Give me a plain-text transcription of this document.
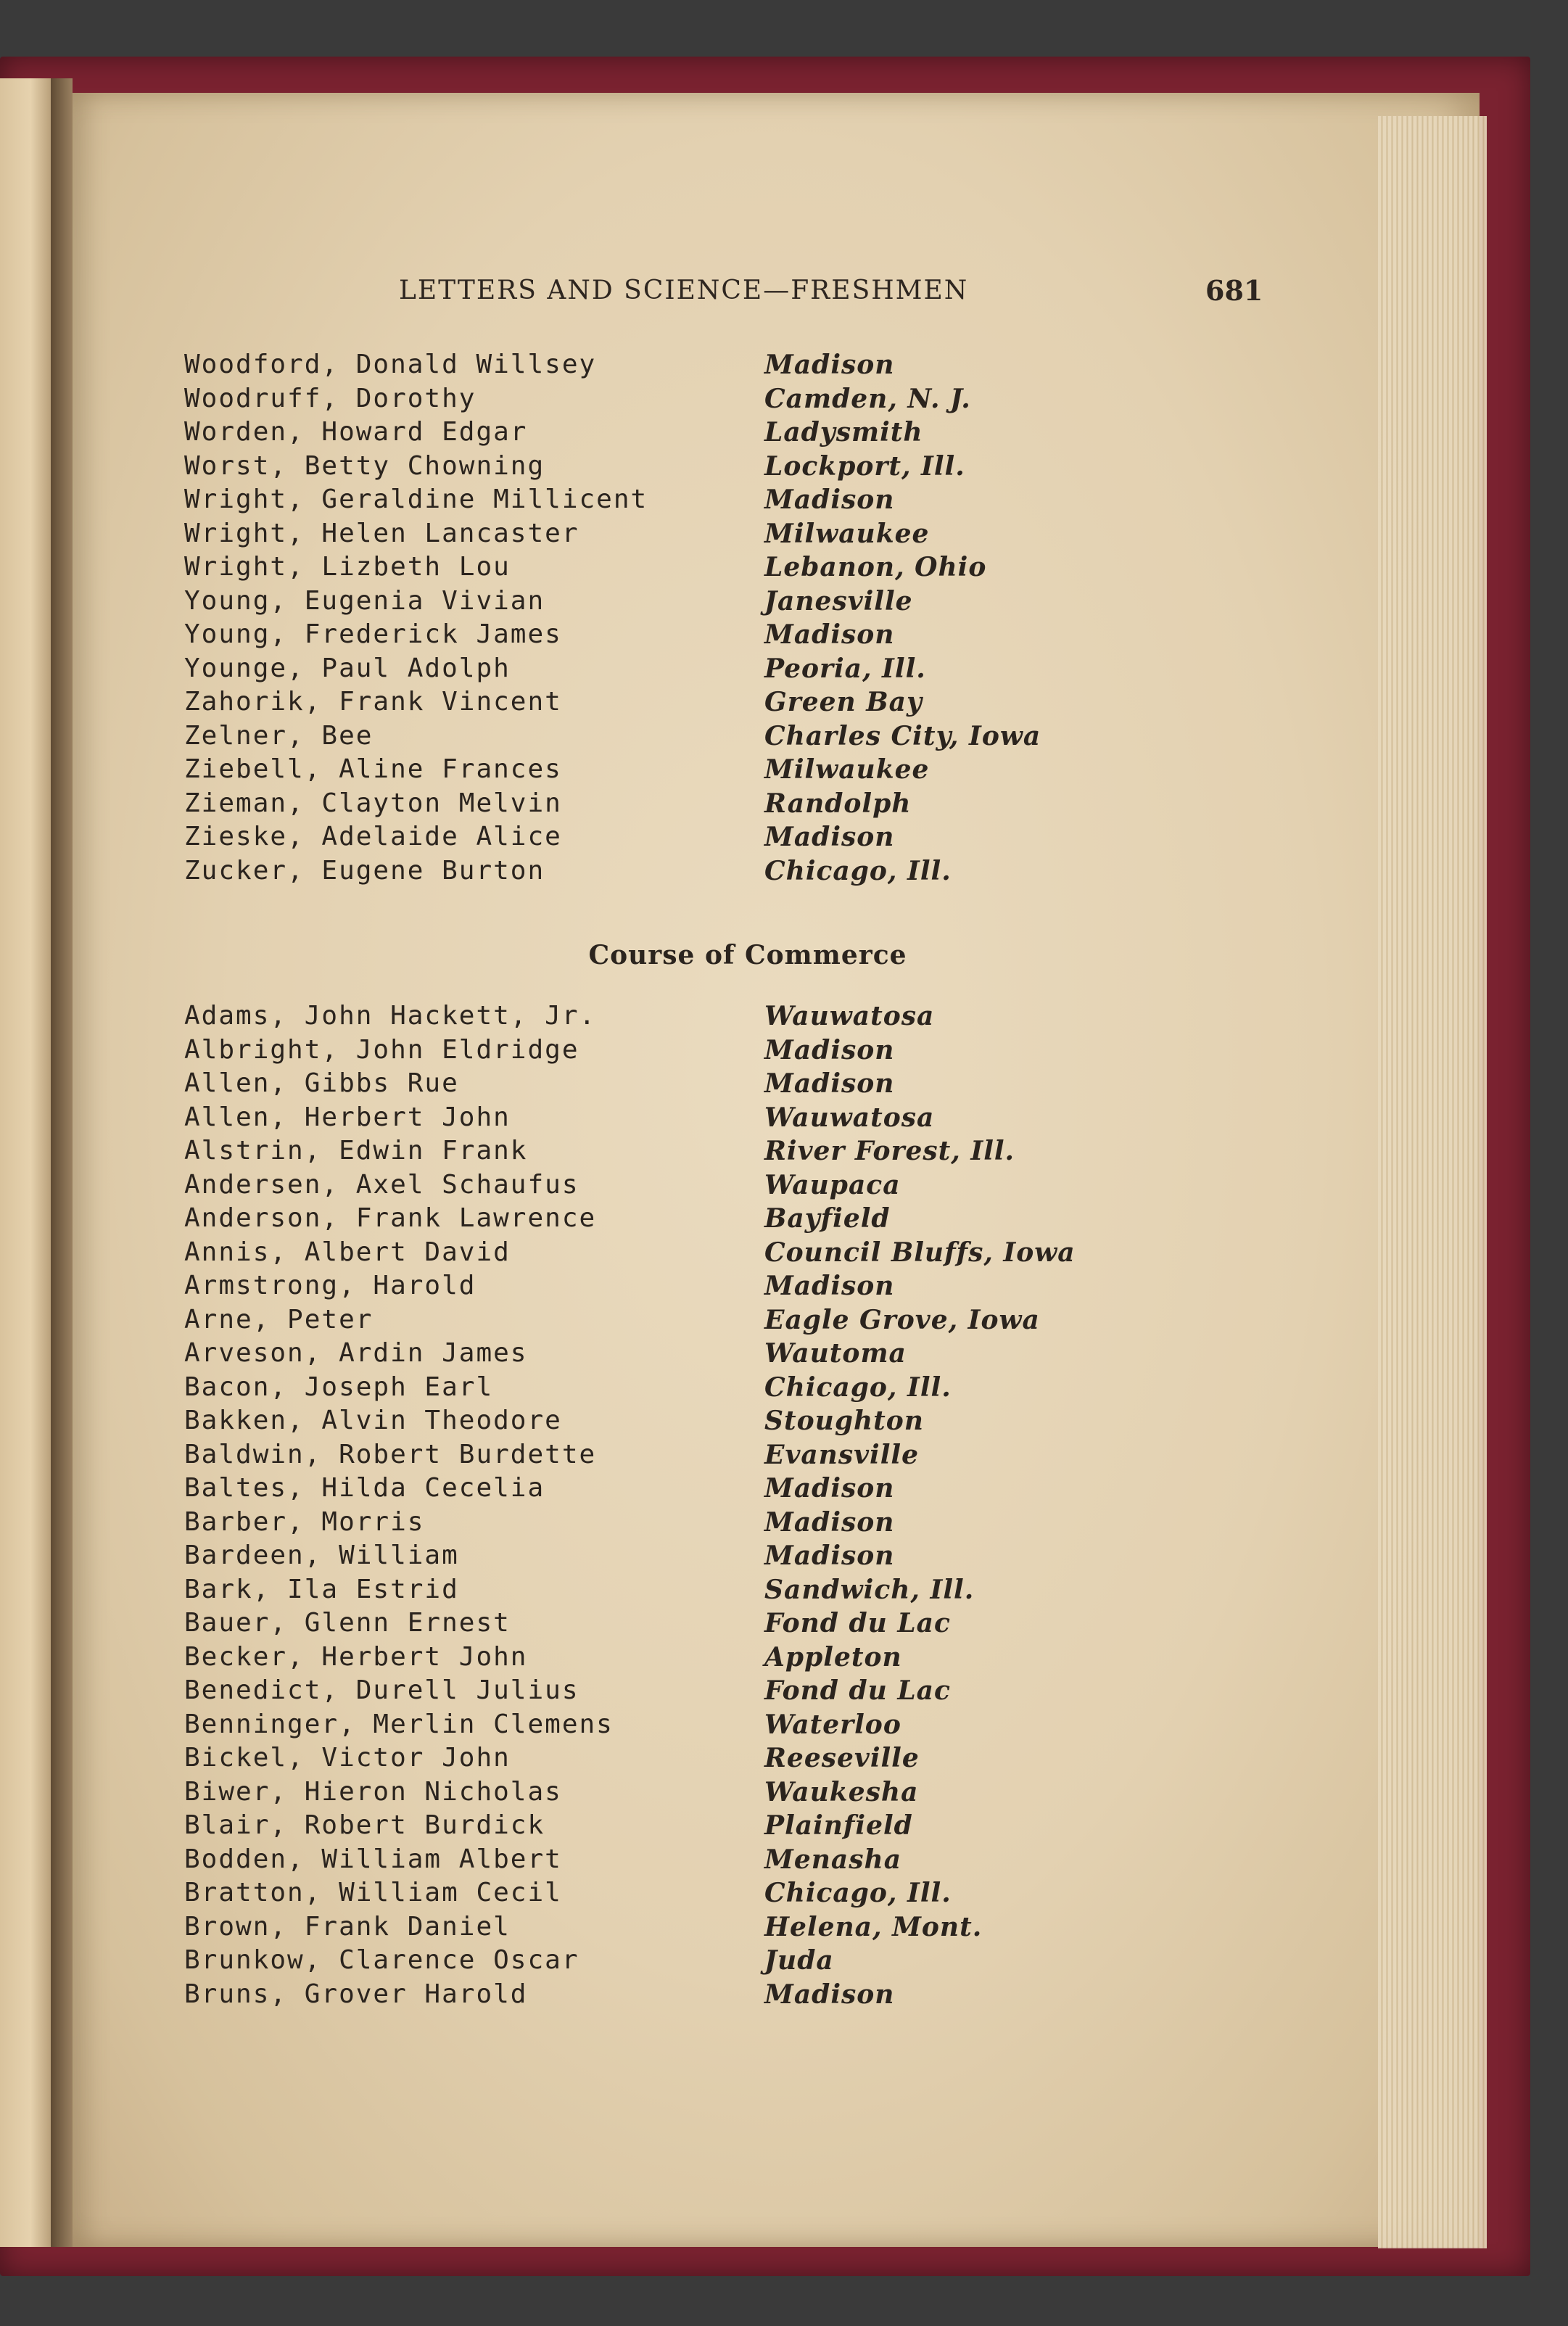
LETTERS AND SCIENCE—FRESHMEN	681
Woodford, Donald Willsey	Madison
Woodruff, Dorothy	Camden, N. J.
Worden, Howard Edgar	Ladysmith
Worst, Betty Chowning	Lockport, Ill.
Wright, Geraldine Millicent	Madison
Wright, Helen Lancaster	Milwaukee
Wright, Lizbeth Lou	Lebanon, Ohio
Young, Eugenia Vivian	Janesville
Young, Frederick James	Madison
Younge, Paul Adolph	Peoria, Ill.
Zahorik, Frank Vincent	Green Bay
Zelner, Bee	Charles City, Iowa
Ziebell, Aline Frances	Milwaukee
Zieman, Clayton Melvin	Randolph
Zieske, Adelaide Alice	Madison
Zucker, Eugene Burton	Chicago, Ill.
Course of Commerce
Adams, John Hackett, Jr.	Wauwatosa
Albright, John Eldridge	Madison
Allen, Gibbs Rue	Madison
Allen, Herbert John	Wauwatosa
Alstrin, Edwin Frank	River Forest, Ill.
Andersen, Axel Schaufus	Waupaca
Anderson, Frank Lawrence	Bayfield
Annis, Albert David	Council Bluffs, Iowa
Armstrong, Harold	Madison
Arne, Peter	Eagle Grove, Iowa
Arveson, Ardin James	Wautoma
Bacon, Joseph Earl	Chicago, Ill.
Bakken, Alvin Theodore	Stoughton
Baldwin, Robert Burdette	Evansville
Baltes, Hilda Cecelia	Madison
Barber, Morris	Madison
Bardeen, William	Madison
Bark, Ila Estrid	Sandwich, Ill.
Bauer, Glenn Ernest	Fond du Lac
Becker, Herbert John	Appleton
Benedict, Durell Julius	Fond du Lac
Benninger, Merlin Clemens	Waterloo
Bickel, Victor John	Reeseville
Biwer, Hieron Nicholas	Waukesha
Blair, Robert Burdick	Plainfield
Bodden, William Albert	Menasha
Bratton, William Cecil	Chicago, Ill.
Brown, Frank Daniel	Helena, Mont.
Brunkow, Clarence Oscar	Juda
Bruns, Grover Harold	Madison
